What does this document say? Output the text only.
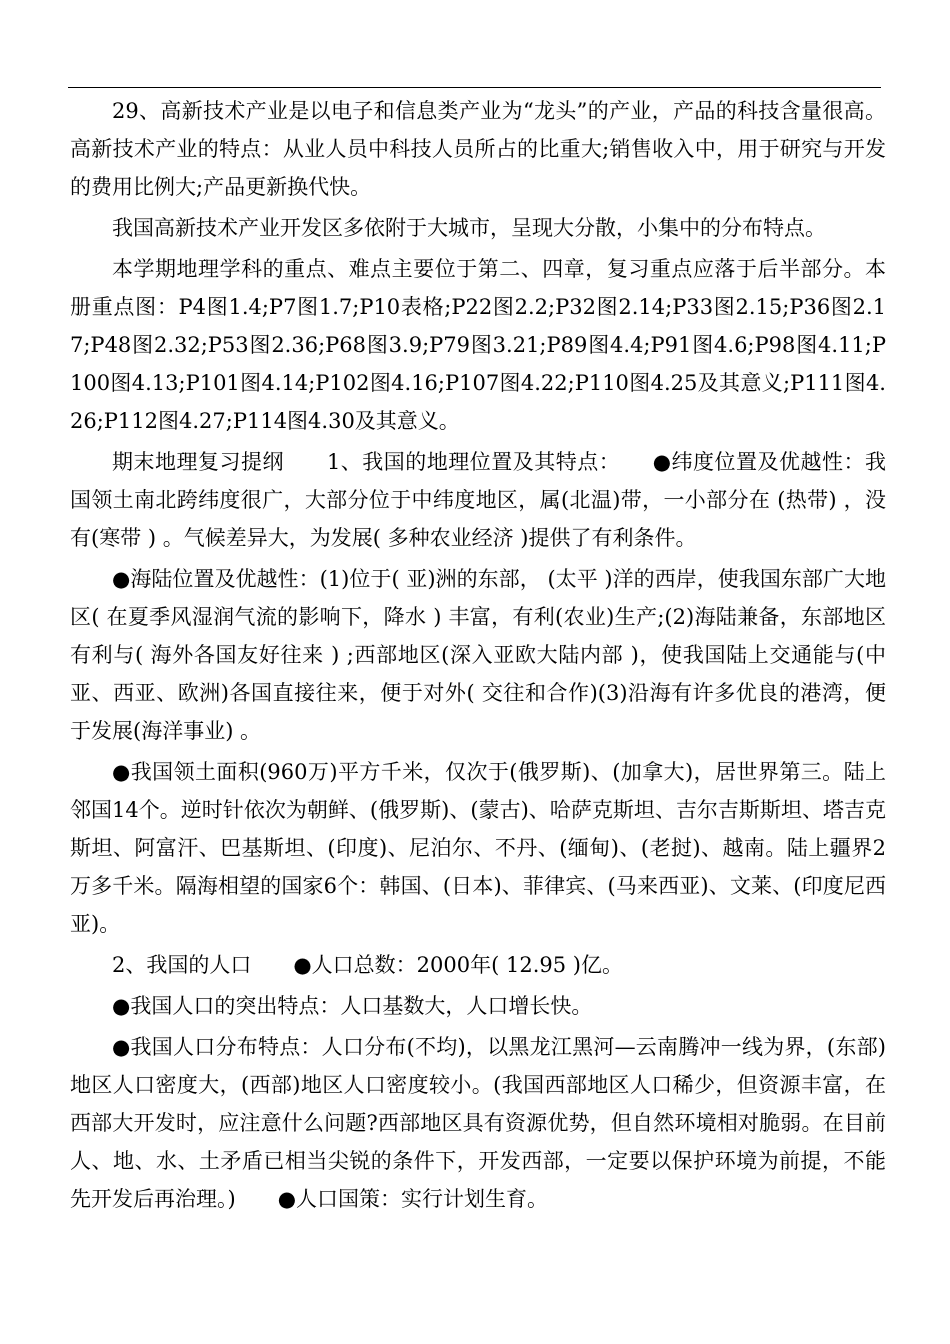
29、高新技术产业是以电子和信息类产业为“龙头”的产业，产品的科技含量很高。高新技术产业的特点：从业人员中科技人员所占的比重大;销售收入中，用于研究与开发的费用比例大;产品更新换代快。

我国高新技术产业开发区多依附于大城市，呈现大分散，小集中的分布特点。

本学期地理学科的重点、难点主要位于第二、四章，复习重点应落于后半部分。本册重点图：P4图1.4;P7图1.7;P10表格;P22图2.2;P32图2.14;P33图2.15;P36图2.17;P48图2.32;P53图2.36;P68图3.9;P79图3.21;P89图4.4;P91图4.6;P98图4.11;P100图4.13;P101图4.14;P102图4.16;P107图4.22;P110图4.25及其意义;P111图4.26;P112图4.27;P114图4.30及其意义。

期末地理复习提纲　　1、我国的地理位置及其特点：　　●纬度位置及优越性：我国领土南北跨纬度很广，大部分位于中纬度地区，属(北温)带，一小部分在 (热带) ，没有(寒带 ) 。气候差异大，为发展( 多种农业经济 )提供了有利条件。

●海陆位置及优越性：(1)位于( 亚)洲的东部， (太平 )洋的西岸，使我国东部广大地区( 在夏季风湿润气流的影响下，降水 ) 丰富，有利(农业)生产;(2)海陆兼备，东部地区有利与( 海外各国友好往来 ) ;西部地区(深入亚欧大陆内部 )，使我国陆上交通能与(中亚、西亚、欧洲)各国直接往来，便于对外( 交往和合作)(3)沿海有许多优良的港湾，便于发展(海洋事业) 。

●我国领土面积(960万)平方千米，仅次于(俄罗斯)、(加拿大)，居世界第三。陆上邻国14个。逆时针依次为朝鲜、(俄罗斯)、(蒙古)、哈萨克斯坦、吉尔吉斯斯坦、塔吉克斯坦、阿富汗、巴基斯坦、(印度)、尼泊尔、不丹、(缅甸)、(老挝)、越南。陆上疆界2万多千米。隔海相望的国家6个：韩国、(日本)、菲律宾、(马来西亚)、文莱、(印度尼西亚)。

2、我国的人口　　●人口总数：2000年( 12.95 )亿。

●我国人口的突出特点：人口基数大，人口增长快。

●我国人口分布特点：人口分布(不均)，以黑龙江黑河—云南腾冲一线为界，(东部)地区人口密度大，(西部)地区人口密度较小。(我国西部地区人口稀少，但资源丰富，在西部大开发时，应注意什么问题?西部地区具有资源优势，但自然环境相对脆弱。在目前人、地、水、土矛盾已相当尖锐的条件下，开发西部，一定要以保护环境为前提，不能先开发后再治理。)　　●人口国策：实行计划生育。
